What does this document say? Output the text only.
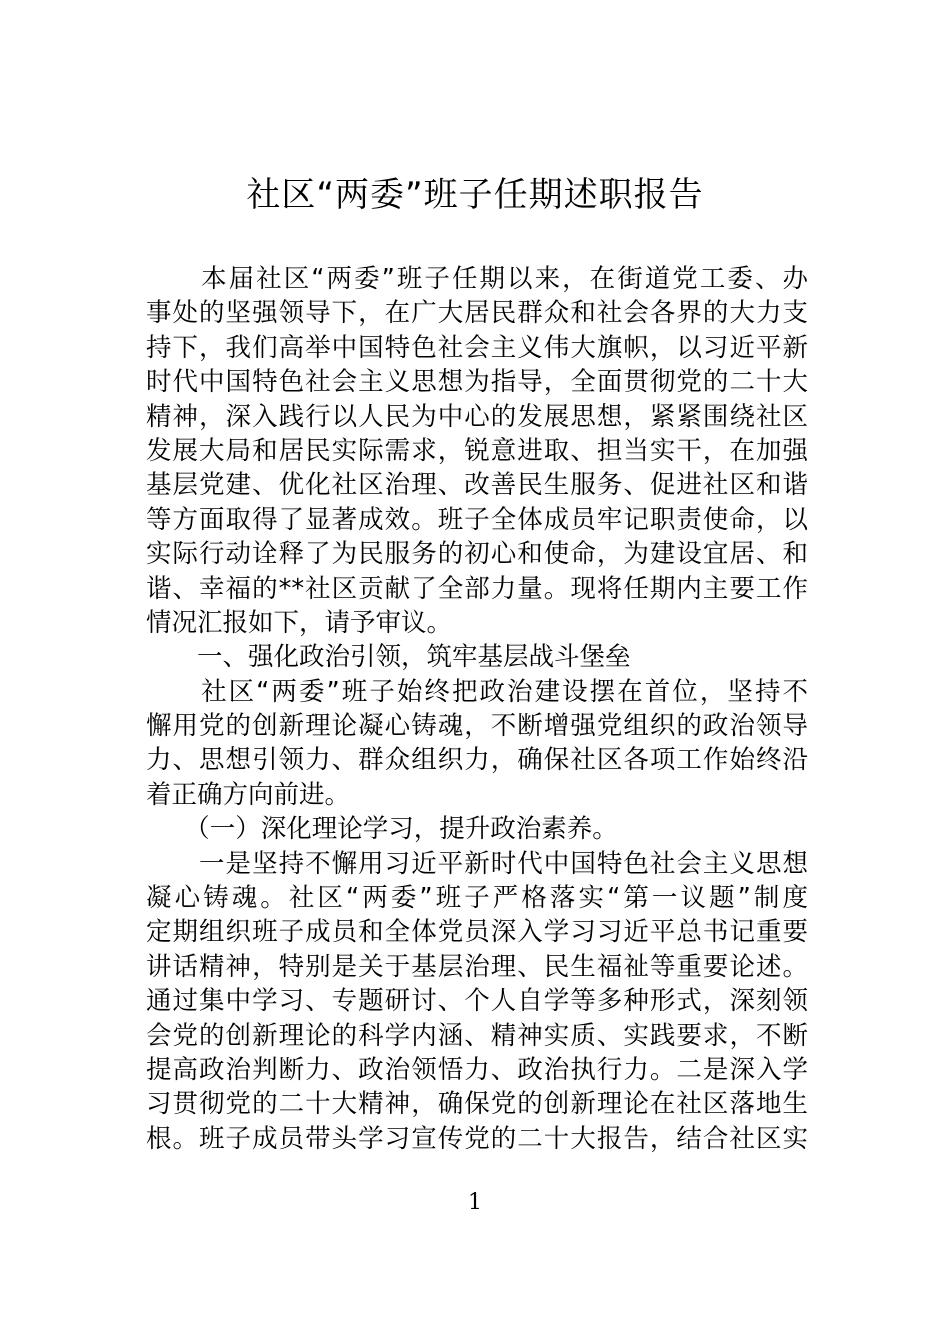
社区“两委”班子任期述职报告
　　本届社区“两委”班子任期以来，在街道党工委、办
事处的坚强领导下，在广大居民群众和社会各界的大力支
持下，我们高举中国特色社会主义伟大旗帜，以习近平新
时代中国特色社会主义思想为指导，全面贯彻党的二十大
精神，深入践行以人民为中心的发展思想，紧紧围绕社区
发展大局和居民实际需求，锐意进取、担当实干，在加强
基层党建、优化社区治理、改善民生服务、促进社区和谐
等方面取得了显著成效。班子全体成员牢记职责使命，以
实际行动诠释了为民服务的初心和使命，为建设宜居、和
谐、幸福的**社区贡献了全部力量。现将任期内主要工作
情况汇报如下，请予审议。
　　一、强化政治引领，筑牢基层战斗堡垒
　　社区“两委”班子始终把政治建设摆在首位，坚持不
懈用党的创新理论凝心铸魂，不断增强党组织的政治领导
力、思想引领力、群众组织力，确保社区各项工作始终沿
着正确方向前进。
　　（一）深化理论学习，提升政治素养。
　　一是坚持不懈用习近平新时代中国特色社会主义思想
凝心铸魂。社区“两委”班子严格落实“第一议题”制度
定期组织班子成员和全体党员深入学习习近平总书记重要
讲话精神，特别是关于基层治理、民生福祉等重要论述。
通过集中学习、专题研讨、个人自学等多种形式，深刻领
会党的创新理论的科学内涵、精神实质、实践要求，不断
提高政治判断力、政治领悟力、政治执行力。二是深入学
习贯彻党的二十大精神，确保党的创新理论在社区落地生
根。班子成员带头学习宣传党的二十大报告，结合社区实
1
